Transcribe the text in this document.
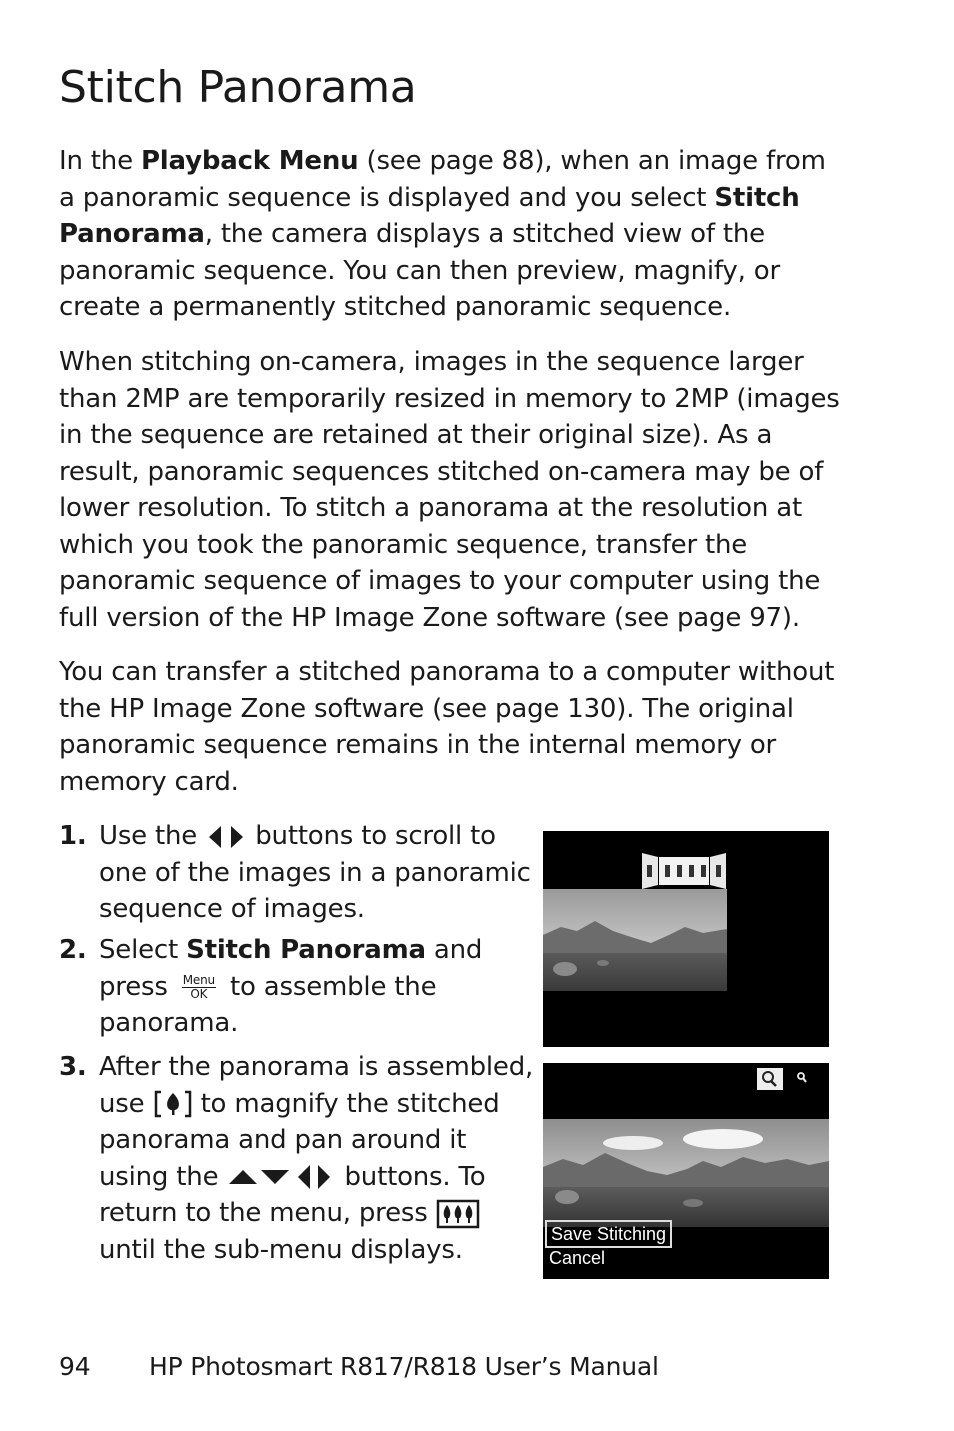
Stitch Panorama

In the Playback Menu (see page 88), when an image from a panoramic sequence is displayed and you select Stitch Panorama, the camera displays a stitched view of the panoramic sequence. You can then preview, magnify, or create a permanently stitched panoramic sequence.

When stitching on-camera, images in the sequence larger than 2MP are temporarily resized in memory to 2MP (images in the sequence are retained at their original size). As a result, panoramic sequences stitched on-camera may be of lower resolution. To stitch a panorama at the resolution at which you took the panoramic sequence, transfer the panoramic sequence of images to your computer using the full version of the HP Image Zone software (see page 97).

You can transfer a stitched panorama to a computer without the HP Image Zone software (see page 130). The original panoramic sequence remains in the internal memory or memory card.

1. Use the  buttons to scroll to one of the images in a panoramic sequence of images.
2. Select Stitch Panorama and press Menu
OK to assemble the panorama.
3. After the panorama is assembled, use  to magnify the stitched panorama and pan around it using the	buttons. To return to the menu, press  until the sub-menu displays.
Save Stitching
Cancel
94 HP Photosmart R817/R818 User’s Manual
